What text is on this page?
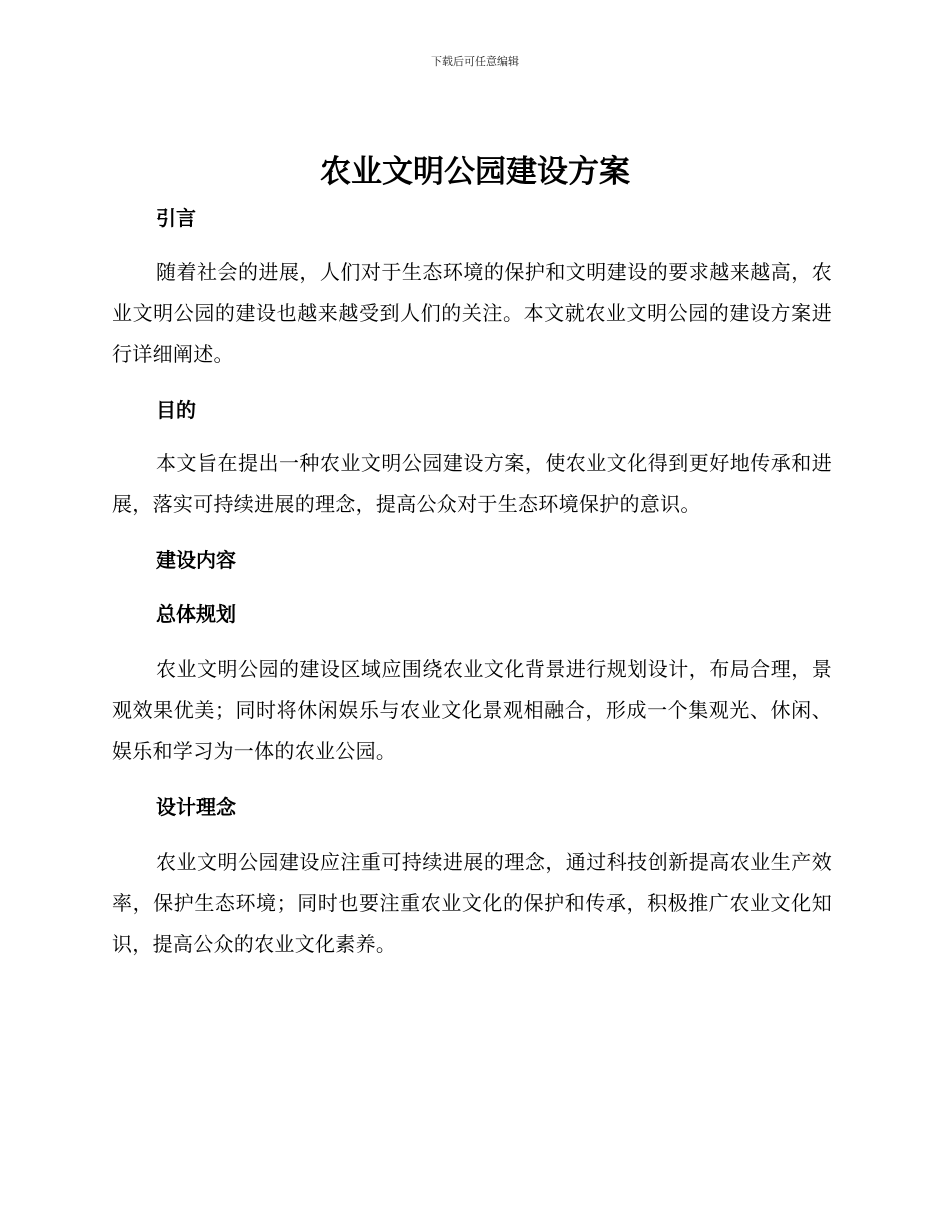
下载后可任意编辑
农业文明公园建设方案
引言

随着社会的进展，人们对于生态环境的保护和文明建设的要求越来越高，农业文明公园的建设也越来越受到人们的关注。本文就农业文明公园的建设方案进行详细阐述。

目的

本文旨在提出一种农业文明公园建设方案，使农业文化得到更好地传承和进展，落实可持续进展的理念，提高公众对于生态环境保护的意识。

建设内容
总体规划

农业文明公园的建设区域应围绕农业文化背景进行规划设计，布局合理，景观效果优美；同时将休闲娱乐与农业文化景观相融合，形成一个集观光、休闲、娱乐和学习为一体的农业公园。

设计理念

农业文明公园建设应注重可持续进展的理念，通过科技创新提高农业生产效率，保护生态环境；同时也要注重农业文化的保护和传承，积极推广农业文化知识，提高公众的农业文化素养。
